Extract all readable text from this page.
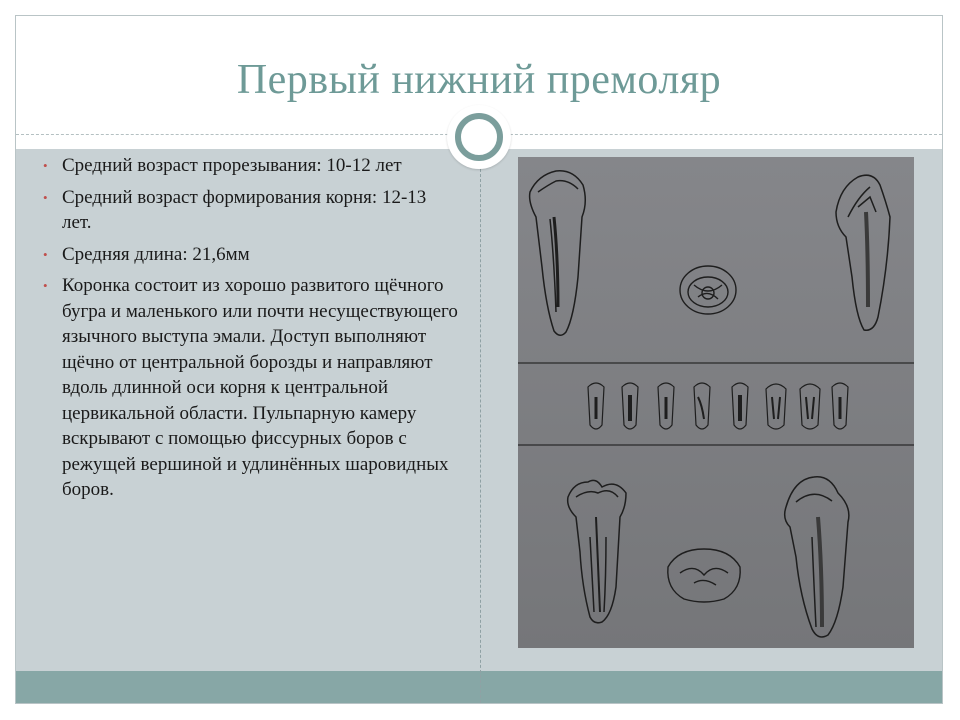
Первый нижний премоляр
• Средний возраст прорезывания: 10-12 лет
• Средний возраст формирования корня: 12-13 лет.
• Средняя длина: 21,6мм
• Коронка состоит из хорошо развитого щёчного бугра и маленького или почти несуществующего язычного выступа эмали. Доступ выполняют щёчно от центральной борозды и направляют вдоль длинной оси корня к центральной цервикальной области. Пульпарную камеру вскрывают с помощью фиссурных боров с режущей вершиной и удлинённых шаровидных боров.
